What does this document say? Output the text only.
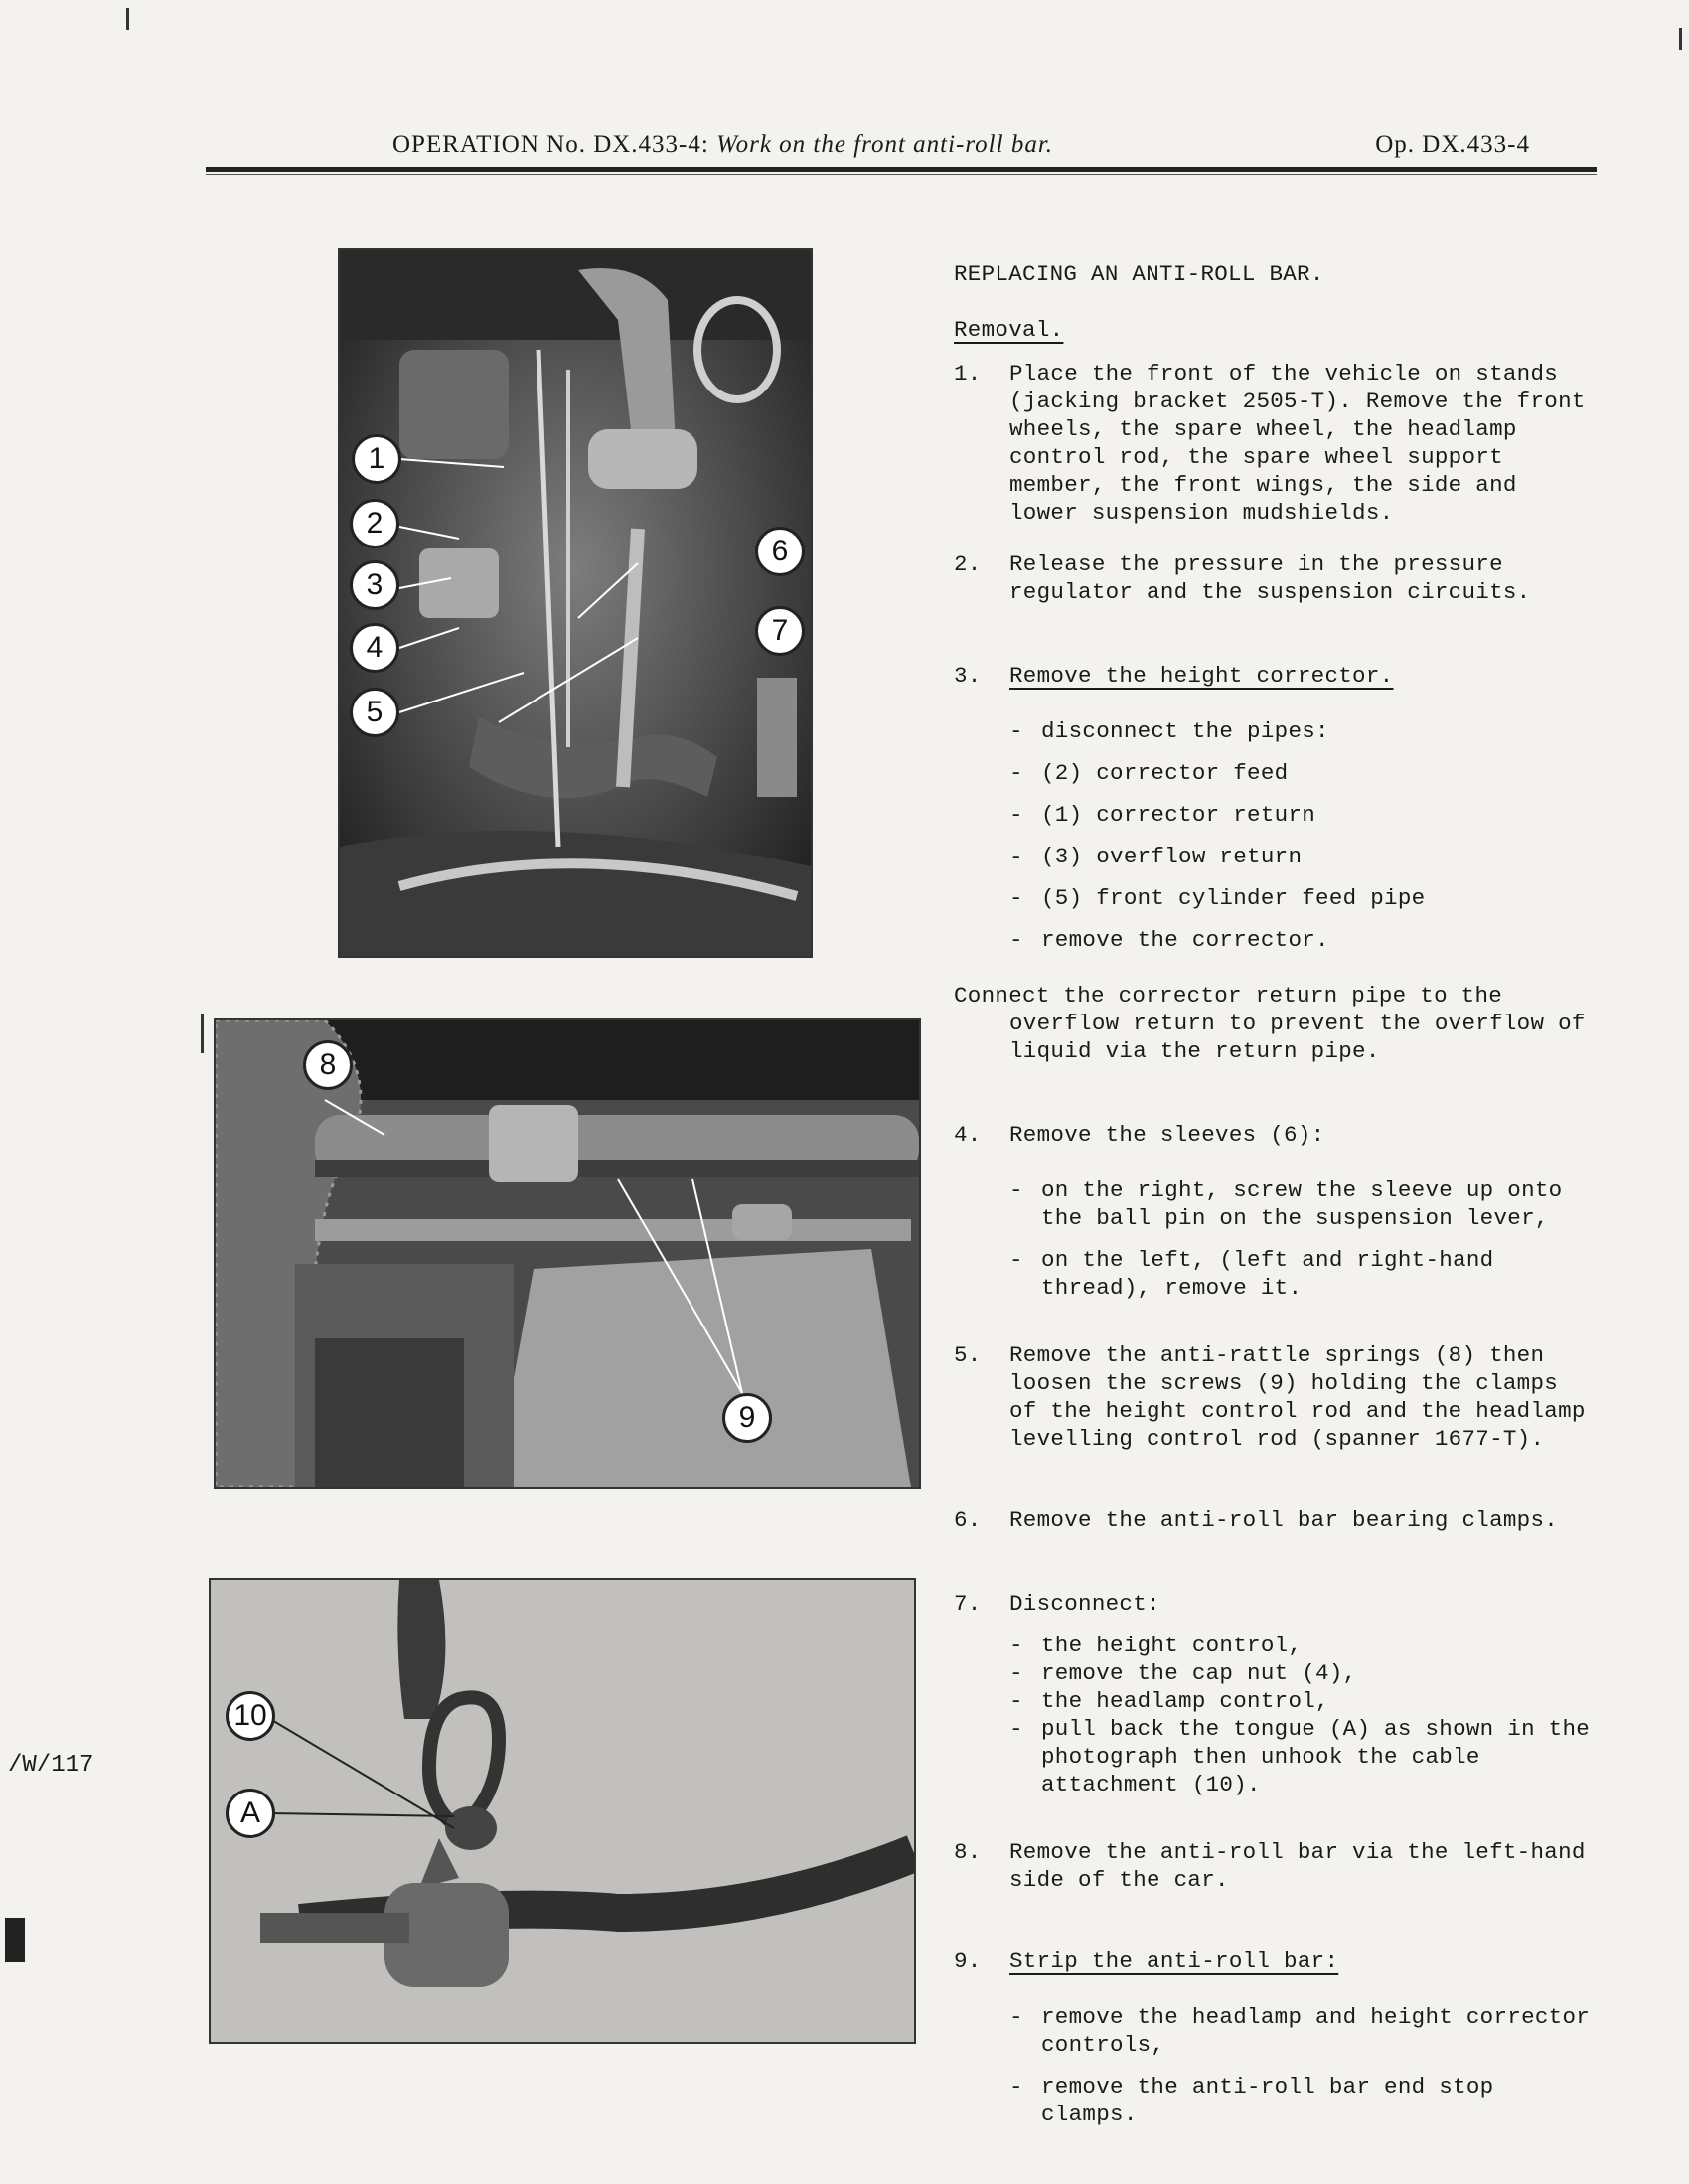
OPERATION No. DX.433-4: Work on the front anti-roll bar.	Op. DX.433-4
1
2
3
4
5
6
7
8
9
10
A
REPLACING AN ANTI-ROLL BAR.
Removal.
1. Place the front of the vehicle on stands (jacking bracket 2505-T). Remove the front wheels, the spare wheel, the headlamp control rod, the spare wheel support member, the front wings, the side and lower suspension mudshields.
2. Release the pressure in the pressure regulator and the suspension circuits.
3. Remove the height corrector.
- disconnect the pipes:
- (2) corrector feed
- (1) corrector return
- (3) overflow return
- (5) front cylinder feed pipe
- remove the corrector.
Connect the corrector return pipe to the overflow return to prevent the overflow of liquid via the return pipe.
4. Remove the sleeves (6):
- on the right, screw the sleeve up onto the ball pin on the suspension lever,
- on the left, (left and right-hand thread), remove it.
5. Remove the anti-rattle springs (8) then loosen the screws (9) holding the clamps of the height control rod and the headlamp levelling control rod (spanner 1677-T).
6. Remove the anti-roll bar bearing clamps.
7. Disconnect:
- the height control,
- remove the cap nut (4),
- the headlamp control,
- pull back the tongue (A) as shown in the photograph then unhook the cable attachment (10).
8. Remove the anti-roll bar via the left-hand side of the car.
9. Strip the anti-roll bar:
- remove the headlamp and height corrector controls,
- remove the anti-roll bar end stop clamps.
/W/117
